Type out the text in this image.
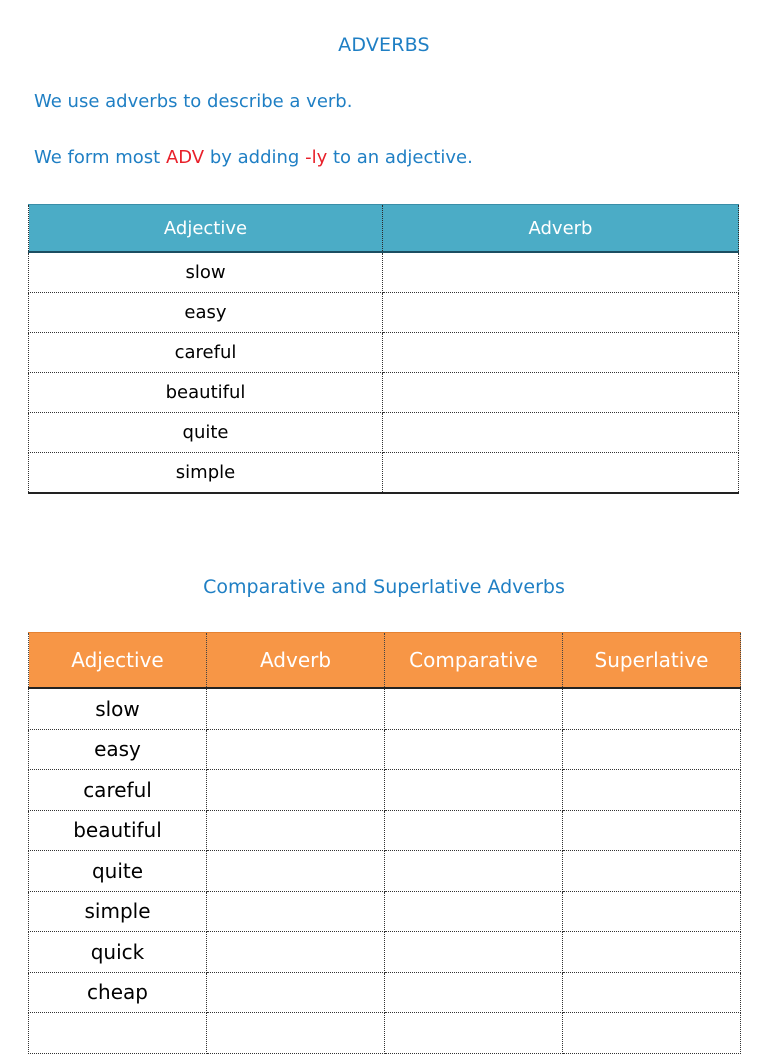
ADVERBS
We use adverbs to describe a verb.
We form most ADV by adding -ly to an adjective.
Adjective	Adverb
slow	
easy	
careful	
beautiful	
quite	
simple	
Comparative and Superlative Adverbs
Adjective	Adverb	Comparative	Superlative
slow			
easy			
careful			
beautiful			
quite			
simple			
quick			
cheap			
